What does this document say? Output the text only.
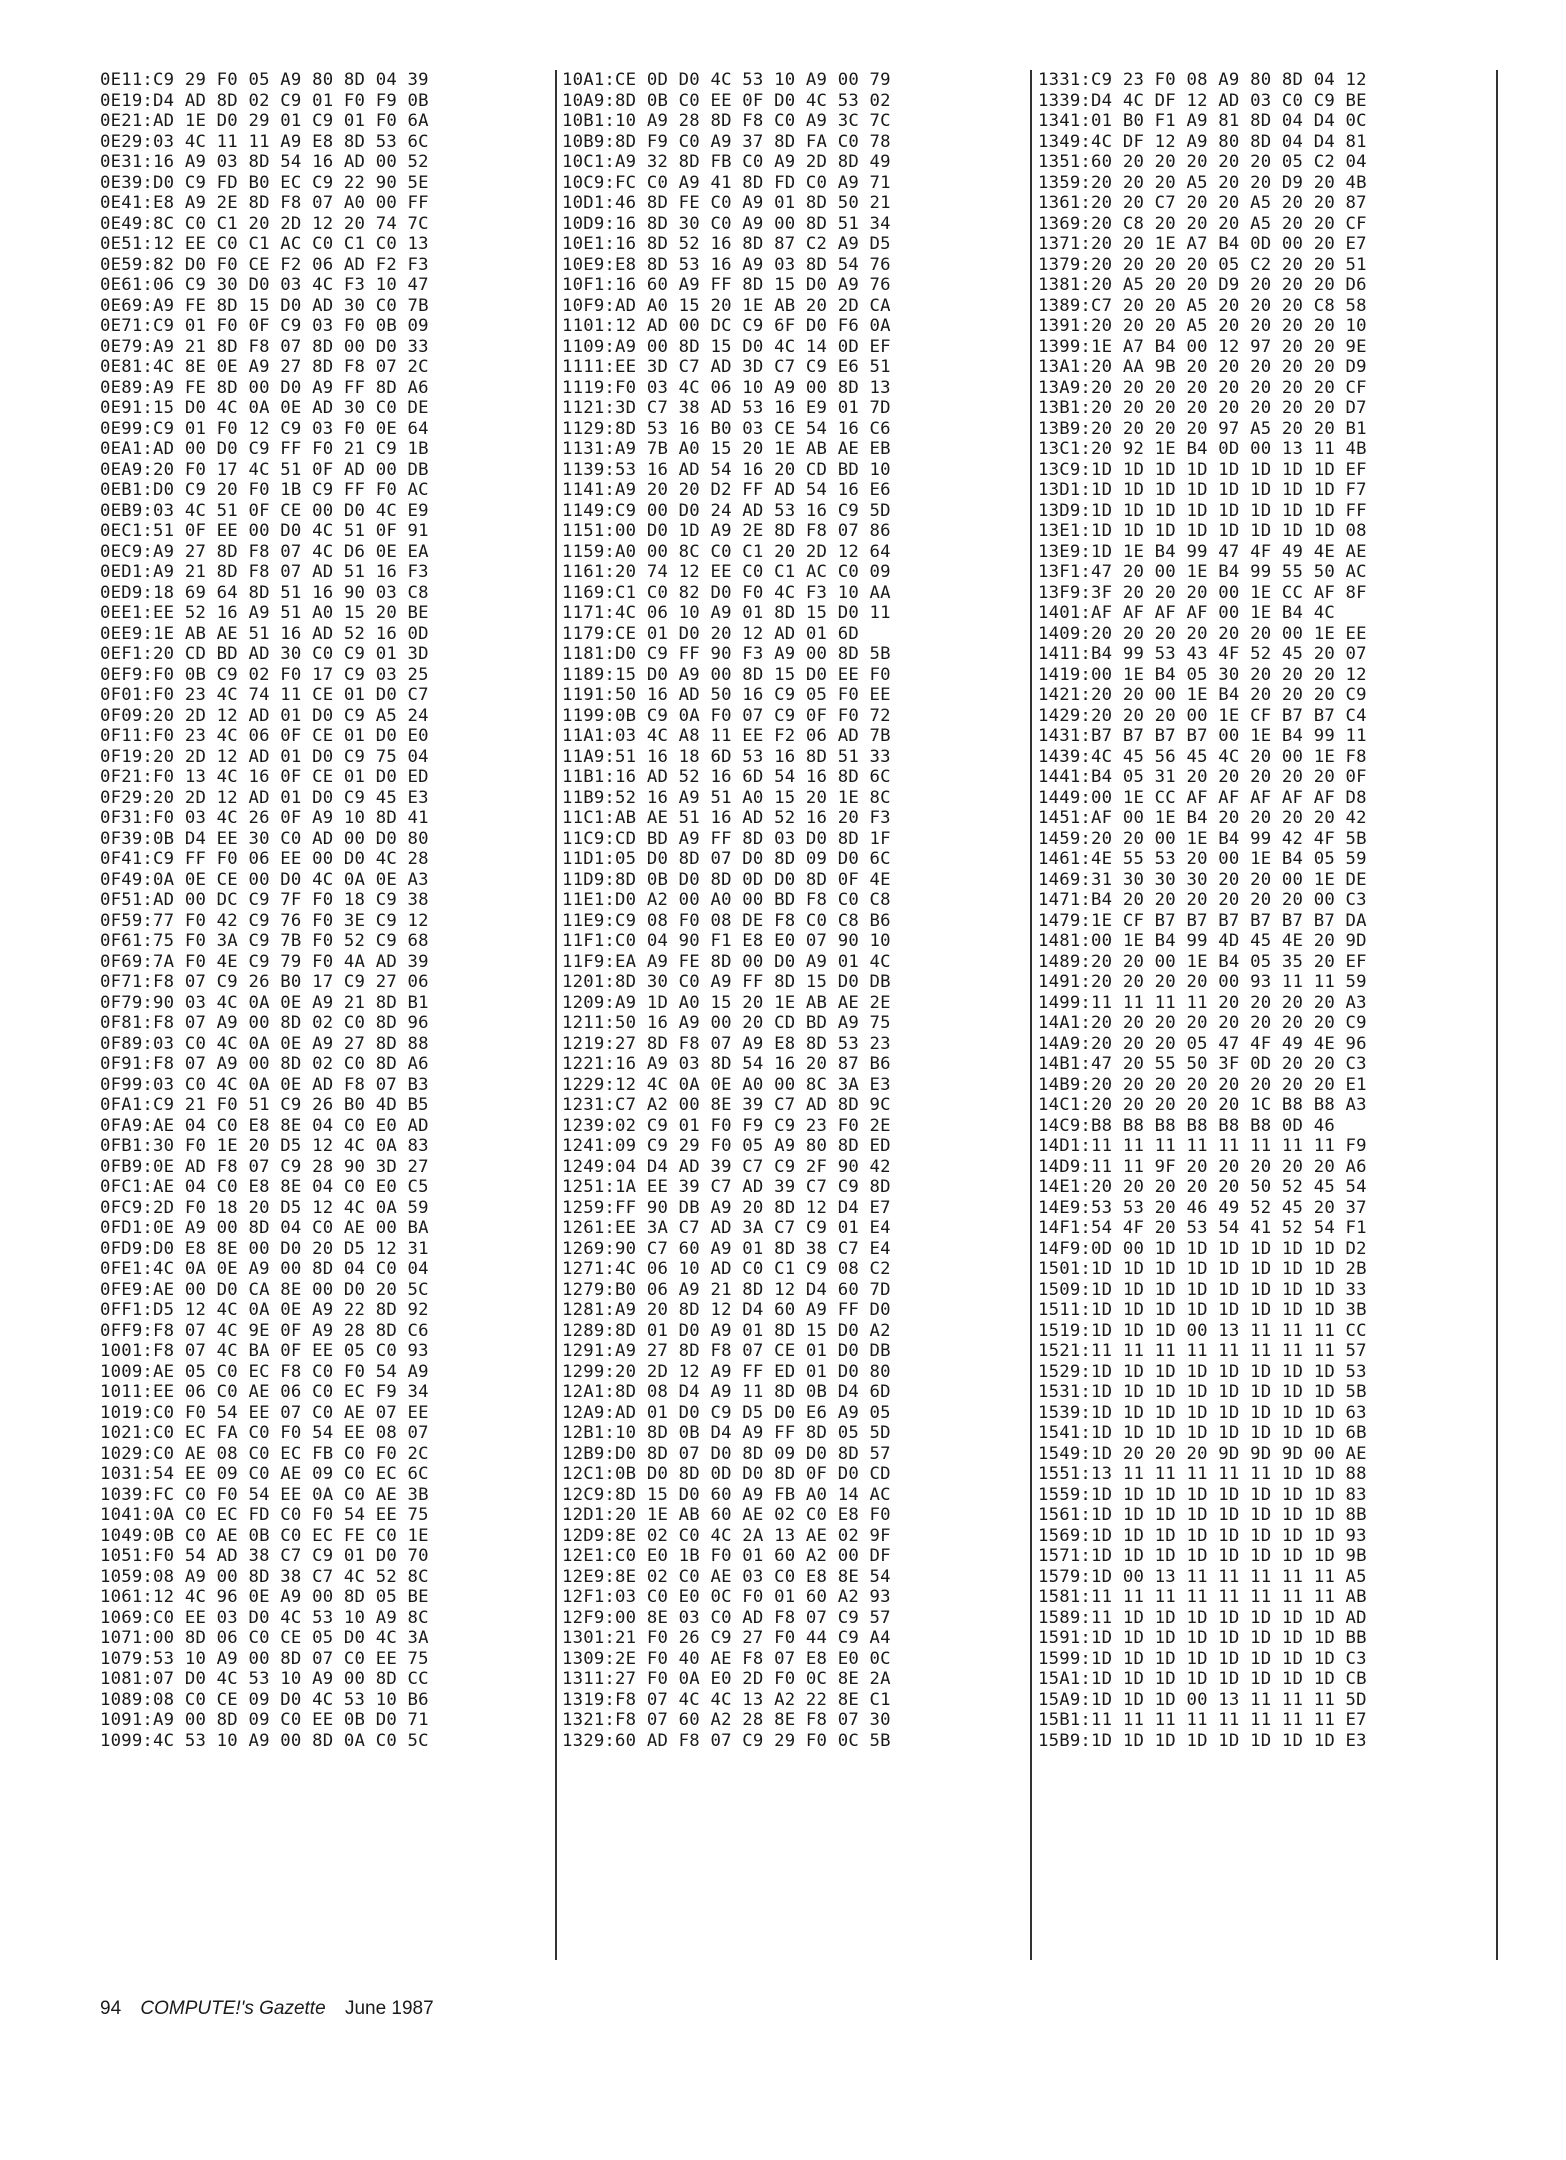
0E11:C9 29 F0 05 A9 80 8D 04 39
0E19:D4 AD 8D 02 C9 01 F0 F9 0B
0E21:AD 1E D0 29 01 C9 01 F0 6A
0E29:03 4C 11 11 A9 E8 8D 53 6C
0E31:16 A9 03 8D 54 16 AD 00 52
0E39:D0 C9 FD B0 EC C9 22 90 5E
0E41:E8 A9 2E 8D F8 07 A0 00 FF
0E49:8C C0 C1 20 2D 12 20 74 7C
0E51:12 EE C0 C1 AC C0 C1 C0 13
0E59:82 D0 F0 CE F2 06 AD F2 F3
0E61:06 C9 30 D0 03 4C F3 10 47
0E69:A9 FE 8D 15 D0 AD 30 C0 7B
0E71:C9 01 F0 0F C9 03 F0 0B 09
0E79:A9 21 8D F8 07 8D 00 D0 33
0E81:4C 8E 0E A9 27 8D F8 07 2C
0E89:A9 FE 8D 00 D0 A9 FF 8D A6
0E91:15 D0 4C 0A 0E AD 30 C0 DE
0E99:C9 01 F0 12 C9 03 F0 0E 64
0EA1:AD 00 D0 C9 FF F0 21 C9 1B
0EA9:20 F0 17 4C 51 0F AD 00 DB
0EB1:D0 C9 20 F0 1B C9 FF F0 AC
0EB9:03 4C 51 0F CE 00 D0 4C E9
0EC1:51 0F EE 00 D0 4C 51 0F 91
0EC9:A9 27 8D F8 07 4C D6 0E EA
0ED1:A9 21 8D F8 07 AD 51 16 F3
0ED9:18 69 64 8D 51 16 90 03 C8
0EE1:EE 52 16 A9 51 A0 15 20 BE
0EE9:1E AB AE 51 16 AD 52 16 0D
0EF1:20 CD BD AD 30 C0 C9 01 3D
0EF9:F0 0B C9 02 F0 17 C9 03 25
0F01:F0 23 4C 74 11 CE 01 D0 C7
0F09:20 2D 12 AD 01 D0 C9 A5 24
0F11:F0 23 4C 06 0F CE 01 D0 E0
0F19:20 2D 12 AD 01 D0 C9 75 04
0F21:F0 13 4C 16 0F CE 01 D0 ED
0F29:20 2D 12 AD 01 D0 C9 45 E3
0F31:F0 03 4C 26 0F A9 10 8D 41
0F39:0B D4 EE 30 C0 AD 00 D0 80
0F41:C9 FF F0 06 EE 00 D0 4C 28
0F49:0A 0E CE 00 D0 4C 0A 0E A3
0F51:AD 00 DC C9 7F F0 18 C9 38
0F59:77 F0 42 C9 76 F0 3E C9 12
0F61:75 F0 3A C9 7B F0 52 C9 68
0F69:7A F0 4E C9 79 F0 4A AD 39
0F71:F8 07 C9 26 B0 17 C9 27 06
0F79:90 03 4C 0A 0E A9 21 8D B1
0F81:F8 07 A9 00 8D 02 C0 8D 96
0F89:03 C0 4C 0A 0E A9 27 8D 88
0F91:F8 07 A9 00 8D 02 C0 8D A6
0F99:03 C0 4C 0A 0E AD F8 07 B3
0FA1:C9 21 F0 51 C9 26 B0 4D B5
0FA9:AE 04 C0 E8 8E 04 C0 E0 AD
0FB1:30 F0 1E 20 D5 12 4C 0A 83
0FB9:0E AD F8 07 C9 28 90 3D 27
0FC1:AE 04 C0 E8 8E 04 C0 E0 C5
0FC9:2D F0 18 20 D5 12 4C 0A 59
0FD1:0E A9 00 8D 04 C0 AE 00 BA
0FD9:D0 E8 8E 00 D0 20 D5 12 31
0FE1:4C 0A 0E A9 00 8D 04 C0 04
0FE9:AE 00 D0 CA 8E 00 D0 20 5C
0FF1:D5 12 4C 0A 0E A9 22 8D 92
0FF9:F8 07 4C 9E 0F A9 28 8D C6
1001:F8 07 4C BA 0F EE 05 C0 93
1009:AE 05 C0 EC F8 C0 F0 54 A9
1011:EE 06 C0 AE 06 C0 EC F9 34
1019:C0 F0 54 EE 07 C0 AE 07 EE
1021:C0 EC FA C0 F0 54 EE 08 07
1029:C0 AE 08 C0 EC FB C0 F0 2C
1031:54 EE 09 C0 AE 09 C0 EC 6C
1039:FC C0 F0 54 EE 0A C0 AE 3B
1041:0A C0 EC FD C0 F0 54 EE 75
1049:0B C0 AE 0B C0 EC FE C0 1E
1051:F0 54 AD 38 C7 C9 01 D0 70
1059:08 A9 00 8D 38 C7 4C 52 8C
1061:12 4C 96 0E A9 00 8D 05 BE
1069:C0 EE 03 D0 4C 53 10 A9 8C
1071:00 8D 06 C0 CE 05 D0 4C 3A
1079:53 10 A9 00 8D 07 C0 EE 75
1081:07 D0 4C 53 10 A9 00 8D CC
1089:08 C0 CE 09 D0 4C 53 10 B6
1091:A9 00 8D 09 C0 EE 0B D0 71
1099:4C 53 10 A9 00 8D 0A C0 5C
10A1:CE 0D D0 4C 53 10 A9 00 79
10A9:8D 0B C0 EE 0F D0 4C 53 02
10B1:10 A9 28 8D F8 C0 A9 3C 7C
10B9:8D F9 C0 A9 37 8D FA C0 78
10C1:A9 32 8D FB C0 A9 2D 8D 49
10C9:FC C0 A9 41 8D FD C0 A9 71
10D1:46 8D FE C0 A9 01 8D 50 21
10D9:16 8D 30 C0 A9 00 8D 51 34
10E1:16 8D 52 16 8D 87 C2 A9 D5
10E9:E8 8D 53 16 A9 03 8D 54 76
10F1:16 60 A9 FF 8D 15 D0 A9 76
10F9:AD A0 15 20 1E AB 20 2D CA
1101:12 AD 00 DC C9 6F D0 F6 0A
1109:A9 00 8D 15 D0 4C 14 0D EF
1111:EE 3D C7 AD 3D C7 C9 E6 51
1119:F0 03 4C 06 10 A9 00 8D 13
1121:3D C7 38 AD 53 16 E9 01 7D
1129:8D 53 16 B0 03 CE 54 16 C6
1131:A9 7B A0 15 20 1E AB AE EB
1139:53 16 AD 54 16 20 CD BD 10
1141:A9 20 20 D2 FF AD 54 16 E6
1149:C9 00 D0 24 AD 53 16 C9 5D
1151:00 D0 1D A9 2E 8D F8 07 86
1159:A0 00 8C C0 C1 20 2D 12 64
1161:20 74 12 EE C0 C1 AC C0 09
1169:C1 C0 82 D0 F0 4C F3 10 AA
1171:4C 06 10 A9 01 8D 15 D0 11
1179:CE 01 D0 20 12 AD 01 6D
1181:D0 C9 FF 90 F3 A9 00 8D 5B
1189:15 D0 A9 00 8D 15 D0 EE F0
1191:50 16 AD 50 16 C9 05 F0 EE
1199:0B C9 0A F0 07 C9 0F F0 72
11A1:03 4C A8 11 EE F2 06 AD 7B
11A9:51 16 18 6D 53 16 8D 51 33
11B1:16 AD 52 16 6D 54 16 8D 6C
11B9:52 16 A9 51 A0 15 20 1E 8C
11C1:AB AE 51 16 AD 52 16 20 F3
11C9:CD BD A9 FF 8D 03 D0 8D 1F
11D1:05 D0 8D 07 D0 8D 09 D0 6C
11D9:8D 0B D0 8D 0D D0 8D 0F 4E
11E1:D0 A2 00 A0 00 BD F8 C0 C8
11E9:C9 08 F0 08 DE F8 C0 C8 B6
11F1:C0 04 90 F1 E8 E0 07 90 10
11F9:EA A9 FE 8D 00 D0 A9 01 4C
1201:8D 30 C0 A9 FF 8D 15 D0 DB
1209:A9 1D A0 15 20 1E AB AE 2E
1211:50 16 A9 00 20 CD BD A9 75
1219:27 8D F8 07 A9 E8 8D 53 23
1221:16 A9 03 8D 54 16 20 87 B6
1229:12 4C 0A 0E A0 00 8C 3A E3
1231:C7 A2 00 8E 39 C7 AD 8D 9C
1239:02 C9 01 F0 F9 C9 23 F0 2E
1241:09 C9 29 F0 05 A9 80 8D ED
1249:04 D4 AD 39 C7 C9 2F 90 42
1251:1A EE 39 C7 AD 39 C7 C9 8D
1259:FF 90 DB A9 20 8D 12 D4 E7
1261:EE 3A C7 AD 3A C7 C9 01 E4
1269:90 C7 60 A9 01 8D 38 C7 E4
1271:4C 06 10 AD C0 C1 C9 08 C2
1279:B0 06 A9 21 8D 12 D4 60 7D
1281:A9 20 8D 12 D4 60 A9 FF D0
1289:8D 01 D0 A9 01 8D 15 D0 A2
1291:A9 27 8D F8 07 CE 01 D0 DB
1299:20 2D 12 A9 FF ED 01 D0 80
12A1:8D 08 D4 A9 11 8D 0B D4 6D
12A9:AD 01 D0 C9 D5 D0 E6 A9 05
12B1:10 8D 0B D4 A9 FF 8D 05 5D
12B9:D0 8D 07 D0 8D 09 D0 8D 57
12C1:0B D0 8D 0D D0 8D 0F D0 CD
12C9:8D 15 D0 60 A9 FB A0 14 AC
12D1:20 1E AB 60 AE 02 C0 E8 F0
12D9:8E 02 C0 4C 2A 13 AE 02 9F
12E1:C0 E0 1B F0 01 60 A2 00 DF
12E9:8E 02 C0 AE 03 C0 E8 8E 54
12F1:03 C0 E0 0C F0 01 60 A2 93
12F9:00 8E 03 C0 AD F8 07 C9 57
1301:21 F0 26 C9 27 F0 44 C9 A4
1309:2E F0 40 AE F8 07 E8 E0 0C
1311:27 F0 0A E0 2D F0 0C 8E 2A
1319:F8 07 4C 4C 13 A2 22 8E C1
1321:F8 07 60 A2 28 8E F8 07 30
1329:60 AD F8 07 C9 29 F0 0C 5B
1331:C9 23 F0 08 A9 80 8D 04 12
1339:D4 4C DF 12 AD 03 C0 C9 BE
1341:01 B0 F1 A9 81 8D 04 D4 0C
1349:4C DF 12 A9 80 8D 04 D4 81
1351:60 20 20 20 20 20 05 C2 04
1359:20 20 20 A5 20 20 D9 20 4B
1361:20 20 C7 20 20 A5 20 20 87
1369:20 C8 20 20 20 A5 20 20 CF
1371:20 20 1E A7 B4 0D 00 20 E7
1379:20 20 20 20 05 C2 20 20 51
1381:20 A5 20 20 D9 20 20 20 D6
1389:C7 20 20 A5 20 20 20 C8 58
1391:20 20 20 A5 20 20 20 20 10
1399:1E A7 B4 00 12 97 20 20 9E
13A1:20 AA 9B 20 20 20 20 20 D9
13A9:20 20 20 20 20 20 20 20 CF
13B1:20 20 20 20 20 20 20 20 D7
13B9:20 20 20 20 97 A5 20 20 B1
13C1:20 92 1E B4 0D 00 13 11 4B
13C9:1D 1D 1D 1D 1D 1D 1D 1D EF
13D1:1D 1D 1D 1D 1D 1D 1D 1D F7
13D9:1D 1D 1D 1D 1D 1D 1D 1D FF
13E1:1D 1D 1D 1D 1D 1D 1D 1D 08
13E9:1D 1E B4 99 47 4F 49 4E AE
13F1:47 20 00 1E B4 99 55 50 AC
13F9:3F 20 20 20 00 1E CC AF 8F
1401:AF AF AF AF 00 1E B4 4C
1409:20 20 20 20 20 20 00 1E EE
1411:B4 99 53 43 4F 52 45 20 07
1419:00 1E B4 05 30 20 20 20 12
1421:20 20 00 1E B4 20 20 20 C9
1429:20 20 20 00 1E CF B7 B7 C4
1431:B7 B7 B7 B7 00 1E B4 99 11
1439:4C 45 56 45 4C 20 00 1E F8
1441:B4 05 31 20 20 20 20 20 0F
1449:00 1E CC AF AF AF AF AF D8
1451:AF 00 1E B4 20 20 20 20 42
1459:20 20 00 1E B4 99 42 4F 5B
1461:4E 55 53 20 00 1E B4 05 59
1469:31 30 30 30 20 20 00 1E DE
1471:B4 20 20 20 20 20 20 00 C3
1479:1E CF B7 B7 B7 B7 B7 B7 DA
1481:00 1E B4 99 4D 45 4E 20 9D
1489:20 20 00 1E B4 05 35 20 EF
1491:20 20 20 20 00 93 11 11 59
1499:11 11 11 11 20 20 20 20 A3
14A1:20 20 20 20 20 20 20 20 C9
14A9:20 20 20 05 47 4F 49 4E 96
14B1:47 20 55 50 3F 0D 20 20 C3
14B9:20 20 20 20 20 20 20 20 E1
14C1:20 20 20 20 20 1C B8 B8 A3
14C9:B8 B8 B8 B8 B8 B8 0D 46
14D1:11 11 11 11 11 11 11 11 F9
14D9:11 11 9F 20 20 20 20 20 A6
14E1:20 20 20 20 20 50 52 45 54
14E9:53 53 20 46 49 52 45 20 37
14F1:54 4F 20 53 54 41 52 54 F1
14F9:0D 00 1D 1D 1D 1D 1D 1D D2
1501:1D 1D 1D 1D 1D 1D 1D 1D 2B
1509:1D 1D 1D 1D 1D 1D 1D 1D 33
1511:1D 1D 1D 1D 1D 1D 1D 1D 3B
1519:1D 1D 1D 00 13 11 11 11 CC
1521:11 11 11 11 11 11 11 11 57
1529:1D 1D 1D 1D 1D 1D 1D 1D 53
1531:1D 1D 1D 1D 1D 1D 1D 1D 5B
1539:1D 1D 1D 1D 1D 1D 1D 1D 63
1541:1D 1D 1D 1D 1D 1D 1D 1D 6B
1549:1D 20 20 20 9D 9D 9D 00 AE
1551:13 11 11 11 11 11 1D 1D 88
1559:1D 1D 1D 1D 1D 1D 1D 1D 83
1561:1D 1D 1D 1D 1D 1D 1D 1D 8B
1569:1D 1D 1D 1D 1D 1D 1D 1D 93
1571:1D 1D 1D 1D 1D 1D 1D 1D 9B
1579:1D 00 13 11 11 11 11 11 A5
1581:11 11 11 11 11 11 11 11 AB
1589:11 1D 1D 1D 1D 1D 1D 1D AD
1591:1D 1D 1D 1D 1D 1D 1D 1D BB
1599:1D 1D 1D 1D 1D 1D 1D 1D C3
15A1:1D 1D 1D 1D 1D 1D 1D 1D CB
15A9:1D 1D 1D 00 13 11 11 11 5D
15B1:11 11 11 11 11 11 11 11 E7
15B9:1D 1D 1D 1D 1D 1D 1D 1D E3
94 COMPUTE!'s Gazette June 1987
